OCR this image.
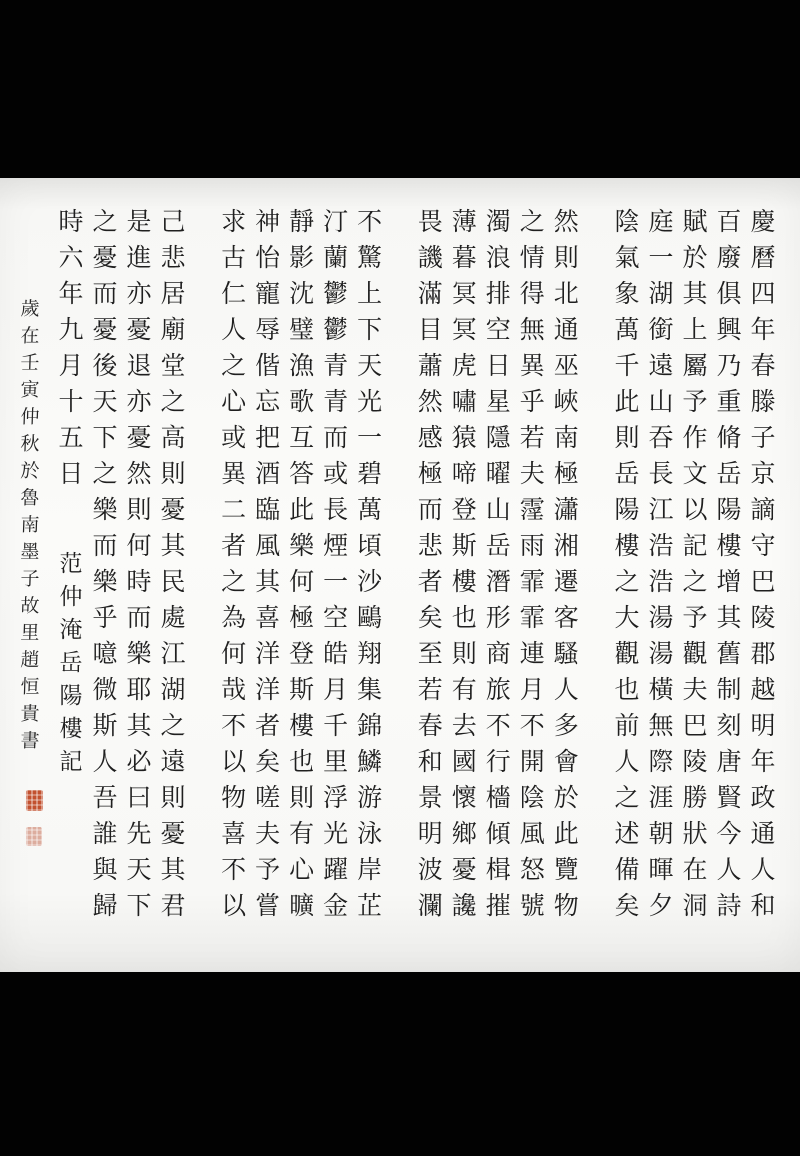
慶
曆
四
年
春
滕
子
京
謫
守
巴
陵
郡
越
明
年
政
通
人
和
百
廢
俱
興
乃
重
脩
岳
陽
樓
增
其
舊
制
刻
唐
賢
今
人
詩
賦
於
其
上
屬
予
作
文
以
記
之
予
觀
夫
巴
陵
勝
狀
在
洞
庭
一
湖
銜
遠
山
吞
長
江
浩
浩
湯
湯
橫
無
際
涯
朝
暉
夕
陰
氣
象
萬
千
此
則
岳
陽
樓
之
大
觀
也
前
人
之
述
備
矣
然
則
北
通
巫
峽
南
極
瀟
湘
遷
客
騷
人
多
會
於
此
覽
物
之
情
得
無
異
乎
若
夫
霪
雨
霏
霏
連
月
不
開
陰
風
怒
號
濁
浪
排
空
日
星
隱
曜
山
岳
潛
形
商
旅
不
行
檣
傾
楫
摧
薄
暮
冥
冥
虎
嘯
猿
啼
登
斯
樓
也
則
有
去
國
懷
鄉
憂
讒
畏
譏
滿
目
蕭
然
感
極
而
悲
者
矣
至
若
春
和
景
明
波
瀾
不
驚
上
下
天
光
一
碧
萬
頃
沙
鷗
翔
集
錦
鱗
游
泳
岸
芷
汀
蘭
鬱
鬱
青
青
而
或
長
煙
一
空
皓
月
千
里
浮
光
躍
金
靜
影
沈
璧
漁
歌
互
答
此
樂
何
極
登
斯
樓
也
則
有
心
曠
神
怡
寵
辱
偕
忘
把
酒
臨
風
其
喜
洋
洋
者
矣
嗟
夫
予
嘗
求
古
仁
人
之
心
或
異
二
者
之
為
何
哉
不
以
物
喜
不
以
己
悲
居
廟
堂
之
高
則
憂
其
民
處
江
湖
之
遠
則
憂
其
君
是
進
亦
憂
退
亦
憂
然
則
何
時
而
樂
耶
其
必
曰
先
天
下
之
憂
而
憂
後
天
下
之
樂
而
樂
乎
噫
微
斯
人
吾
誰
與
歸
時
六
年
九
月
十
五
日
范
仲
淹
岳
陽
樓
記
歲
在
壬
寅
仲
秋
於
魯
南
墨
子
故
里
趙
恒
貴
書
